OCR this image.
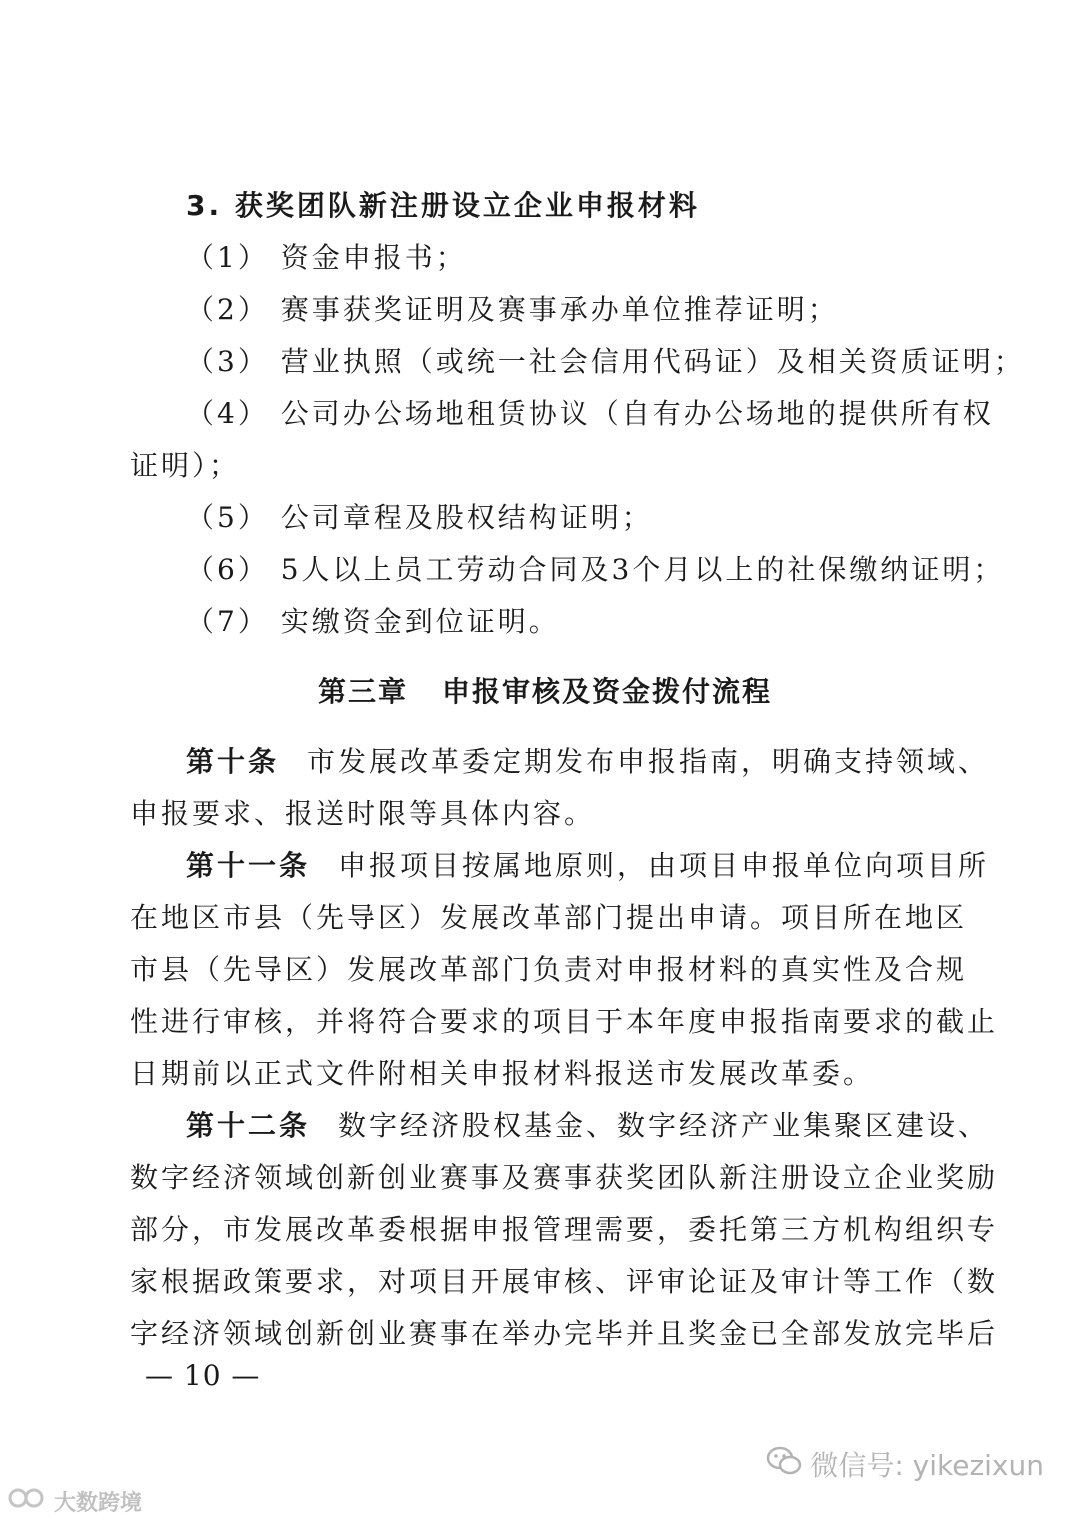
3. 获奖团队新注册设立企业申报材料
（1） 资金申报书；
（2） 赛事获奖证明及赛事承办单位推荐证明；
（3） 营业执照（或统一社会信用代码证）及相关资质证明；
（4） 公司办公场地租赁协议（自有办公场地的提供所有权
证明）；
（5） 公司章程及股权结构证明；
（6） 5人以上员工劳动合同及3个月以上的社保缴纳证明；
（7） 实缴资金到位证明。
第三章 申报审核及资金拨付流程
第十条 市发展改革委定期发布申报指南，明确支持领域、
申报要求、报送时限等具体内容。
第十一条 申报项目按属地原则，由项目申报单位向项目所
在地区市县（先导区）发展改革部门提出申请。项目所在地区
市县（先导区）发展改革部门负责对申报材料的真实性及合规
性进行审核，并将符合要求的项目于本年度申报指南要求的截止
日期前以正式文件附相关申报材料报送市发展改革委。
第十二条 数字经济股权基金、数字经济产业集聚区建设、
数字经济领域创新创业赛事及赛事获奖团队新注册设立企业奖励
部分，市发展改革委根据申报管理需要，委托第三方机构组织专
家根据政策要求，对项目开展审核、评审论证及审计等工作（数
字经济领域创新创业赛事在举办完毕并且奖金已全部发放完毕后
— 10 —
大数跨境
微信号: yikezixun
